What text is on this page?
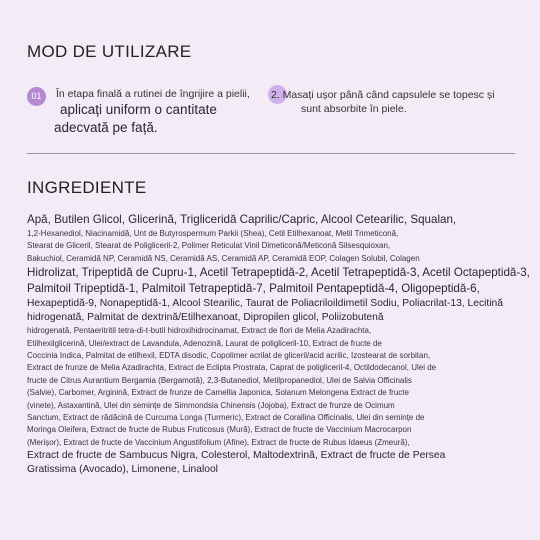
MOD DE UTILIZARE
01	În etapa finală a rutinei de îngrijire a pielii,
aplicați uniform o cantitate
adecvată pe față.
2. Masați ușor până când capsulele se topesc și
sunt absorbite în piele.
INGREDIENTE
Apă, Butilen Glicol, Glicerină, Trigliceridă Caprilic/Capric, Alcool Cetearilic, Squalan,
1,2-Hexanediol, Niacinamidă, Unt de Butyrospermum Parkii (Shea), Cetil Etilhexanoat, Metil Trimeticonă,
Stearat de Gliceril, Stearat de Poligliceril-2, Polimer Reticulat Vinil Dimeticonă/Meticonă Silsesquioxan,
Bakuchiol, Ceramidă NP, Ceramidă NS, Ceramidă AS, Ceramidă AP, Ceramidă EOP, Colagen Solubil, Colagen
Hidrolizat, Tripeptidă de Cupru-1, Acetil Tetrapeptidă-2, Acetil Tetrapeptidă-3, Acetil Octapeptidă-3,
Palmitoil Tripeptidă-1, Palmitoil Tetrapeptidă-7, Palmitoil Pentapeptidă-4, Oligopeptidă-6,
Hexapeptidă-9, Nonapeptidă-1, Alcool Stearilic, Taurat de Poliacriloildimetil Sodiu, Poliacrilat-13, Lecitină
hidrogenată, Palmitat de dextrină/Etilhexanoat, Dipropilen glicol, Poliizobutenă
hidrogenată, Pentaeritritil tetra-di-t-butil hidroxihidrocinamat, Extract de flori de Melia Azadirachta,
Etilhexilglicerină, Ulei/extract de Lavandula, Adenozină, Laurat de poligliceril-10, Extract de fructe de
Coccinia Indica, Palmitat de etilhexil, EDTA disodic, Copolimer acrilat de gliceril/acid acrilic, Izostearat de sorbitan,
Extract de frunze de Melia Azadirachta, Extract de Eclipta Prostrata, Caprat de poligliceril-4, Octildodecanol, Ulei de
fructe de Citrus Aurantium Bergamia (Bergamotă), 2,3-Butanediol, Metilpropanediol, Ulei de Salvia Officinalis
(Salvie), Carbomer, Arginină, Extract de frunze de Camellia Japonica, Solanum Melongena Extract de fructe
(vinete), Astaxantină, Ulei din semințe de Simmondsia Chinensis (Jojoba), Extract de frunze de Ocimum
Sanctum, Extract de rădăcină de Curcuma Longa (Turmeric), Extract de Corallina Officinalis, Ulei din semințe de
Moringa Oleifera, Extract de fructe de Rubus Fruticosus (Mură), Extract de fructe de Vaccinium Macrocarpon
(Merișor), Extract de fructe de Vaccinium Angustifolium (Afine), Extract de fructe de Rubus Idaeus (Zmeură),
Extract de fructe de Sambucus Nigra, Colesterol, Maltodextrină, Extract de fructe de Persea
Gratissima (Avocado), Limonene, Linalool
